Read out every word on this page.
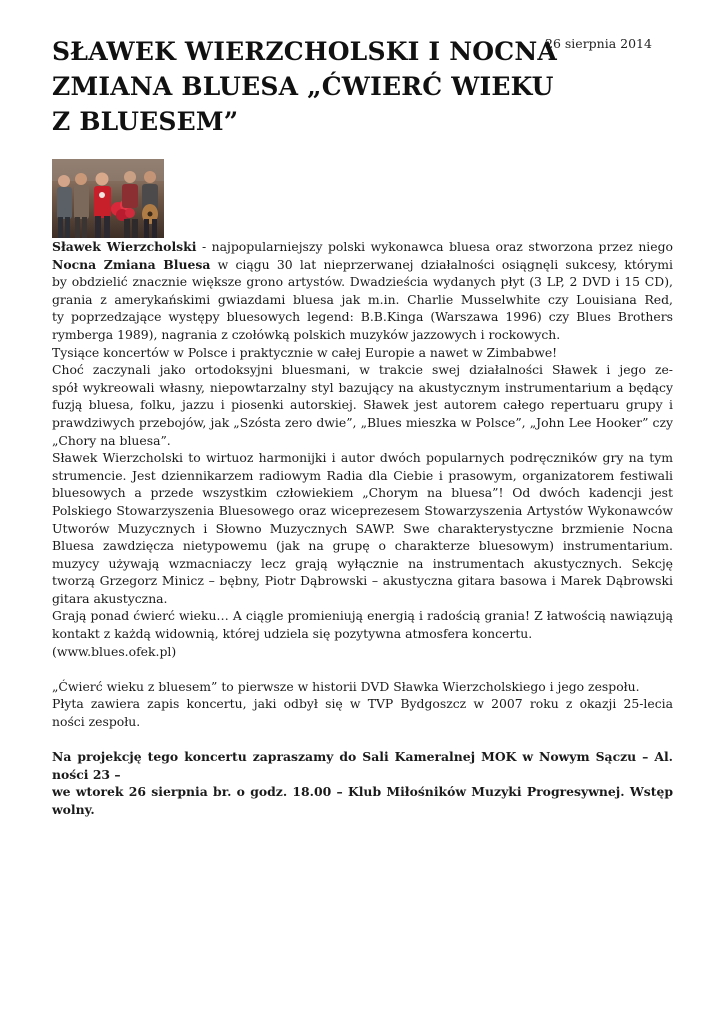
26 sierpnia 2014
SŁAWEK WIERZCHOLSKI I NOCNA
ZMIANA BLUESA „ĆWIERĆ WIEKU
Z BLUESEM”
Sławek Wierzcholski - najpopularniejszy polski wykonawca bluesa oraz stworzona przez niego
Nocna Zmiana Bluesa w ciągu 30 lat nieprzerwanej działalności osiągnęli sukcesy, którymi
by obdzielić znacznie większe grono artystów. Dwadzieścia wydanych płyt (3 LP, 2 DVD i 15 CD),
grania z amerykańskimi gwiazdami bluesa jak m.in. Charlie Musselwhite czy Louisiana Red,
ty poprzedzające występy bluesowych legend: B.B.Kinga (Warszawa 1996) czy Blues Brothers
rymberga 1989), nagrania z czołówką polskich muzyków jazzowych i rockowych.
Tysiące koncertów w Polsce i praktycznie w całej Europie a nawet w Zimbabwe!
Choć zaczynali jako ortodoksyjni bluesmani, w trakcie swej działalności Sławek i jego ze-
spół wykreowali własny, niepowtarzalny styl bazujący na akustycznym instrumentarium a będący
fuzją bluesa, folku, jazzu i piosenki autorskiej. Sławek jest autorem całego repertuaru grupy i
prawdziwych przebojów, jak „Szósta zero dwie”, „Blues mieszka w Polsce”, „John Lee Hooker” czy
„Chory na bluesa”.
Sławek Wierzcholski to wirtuoz harmonijki i autor dwóch popularnych podręczników gry na tym
strumencie. Jest dziennikarzem radiowym Radia dla Ciebie i prasowym, organizatorem festiwali
bluesowych a przede wszystkim człowiekiem „Chorym na bluesa”! Od dwóch kadencji jest
Polskiego Stowarzyszenia Bluesowego oraz wiceprezesem Stowarzyszenia Artystów Wykonawców
Utworów Muzycznych i Słowno Muzycznych SAWP. Swe charakterystyczne brzmienie Nocna
Bluesa zawdzięcza nietypowemu (jak na grupę o charakterze bluesowym) instrumentarium.
muzycy używają wzmacniaczy lecz grają wyłącznie na instrumentach akustycznych. Sekcję
tworzą Grzegorz Minicz – bębny, Piotr Dąbrowski – akustyczna gitara basowa i Marek Dąbrowski
gitara akustyczna.
Grają ponad ćwierć wieku… A ciągle promieniują energią i radością grania! Z łatwością nawiązują
kontakt z każdą widownią, której udziela się pozytywna atmosfera koncertu.
(www.blues.ofek.pl)
„Ćwierć wieku z bluesem” to pierwsze w historii DVD Sławka Wierzcholskiego i jego zespołu.
Płyta zawiera zapis koncertu, jaki odbył się w TVP Bydgoszcz w 2007 roku z okazji 25-lecia
ności zespołu.
Na projekcję tego koncertu zapraszamy do Sali Kameralnej MOK w Nowym Sączu – Al.
ności 23 –
we wtorek 26 sierpnia br. o godz. 18.00 – Klub Miłośników Muzyki Progresywnej. Wstęp
wolny.
